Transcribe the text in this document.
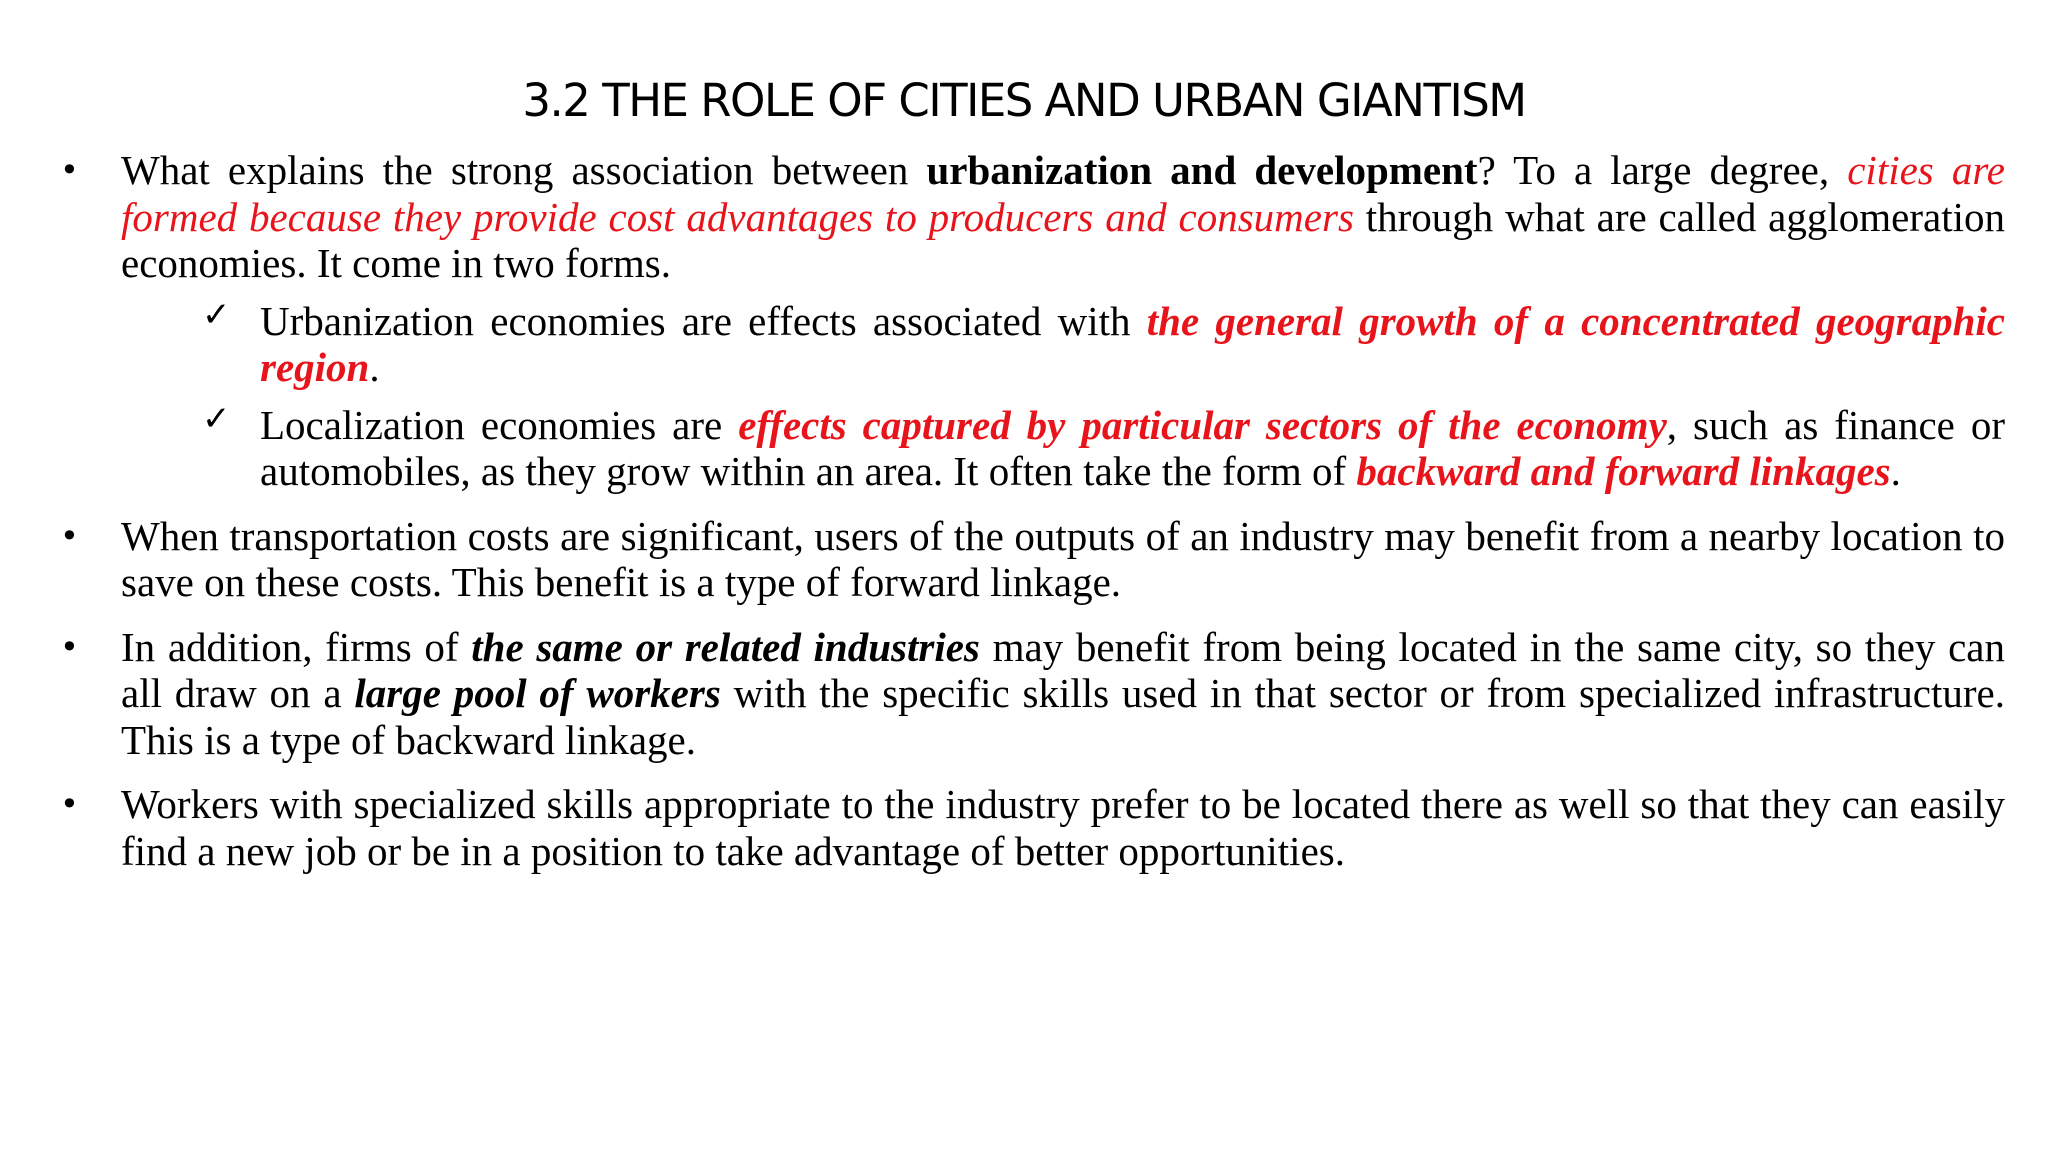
3.2 THE ROLE OF CITIES AND URBAN GIANTISM
• What explains the strong association between urbanization and development? To a large degree, cities are formed because they provide cost advantages to producers and consumers through what are called agglomeration economies. It come in two forms.
✓ Urbanization economies are effects associated with the general growth of a concentrated geographic region.
✓ Localization economies are effects captured by particular sectors of the economy, such as finance or automobiles, as they grow within an area. It often take the form of backward and forward linkages.
• When transportation costs are significant, users of the outputs of an industry may benefit from a nearby location to save on these costs. This benefit is a type of forward linkage.
• In addition, firms of the same or related industries may benefit from being located in the same city, so they can all draw on a large pool of workers with the specific skills used in that sector or from specialized infrastructure. This is a type of backward linkage.
• Workers with specialized skills appropriate to the industry prefer to be located there as well so that they can easily find a new job or be in a position to take advantage of better opportunities.
